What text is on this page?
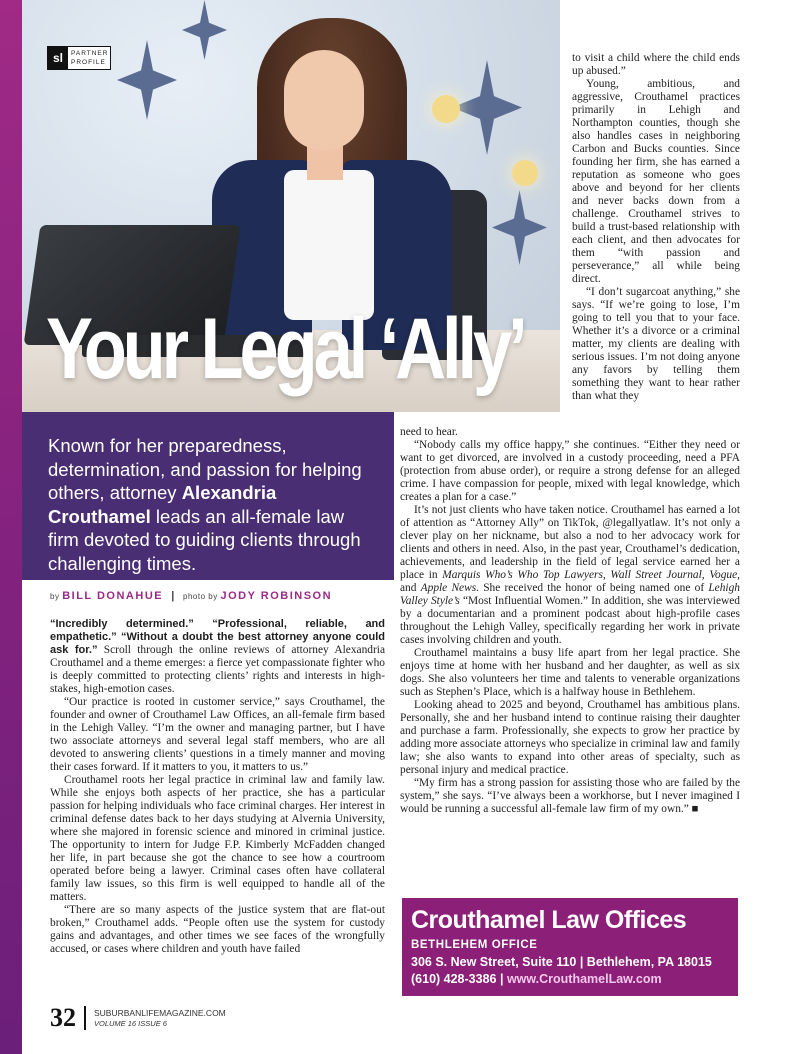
sl	PARTNER
PROFILE
Your Legal ‘Ally’
Known for her preparedness, determination, and passion for helping others, attorney Alexandria Crouthamel leads an all-female law firm devoted to guiding clients through challenging times.
by BILL DONAHUE | photo by JODY ROBINSON

“Incredibly determined.” “Professional, reliable, and empathetic.” “Without a doubt the best attorney anyone could ask for.” Scroll through the online reviews of attorney Alexandria Crouthamel and a theme emerges: a fierce yet compassionate fighter who is deeply committed to protecting clients’ rights and interests in high-stakes, high-emotion cases.

“Our practice is rooted in customer service,” says Crouthamel, the founder and owner of Crouthamel Law Offices, an all-female firm based in the Lehigh Valley. “I’m the owner and managing partner, but I have two associate attorneys and several legal staff members, who are all devoted to answering clients’ questions in a timely manner and moving their cases forward. If it matters to you, it matters to us.”

Crouthamel roots her legal practice in criminal law and family law. While she enjoys both aspects of her practice, she has a particular passion for helping individuals who face criminal charges. Her interest in criminal defense dates back to her days studying at Alvernia University, where she majored in forensic science and minored in criminal justice. The opportunity to intern for Judge F.P. Kimberly McFadden changed her life, in part because she got the chance to see how a courtroom operated before being a lawyer. Criminal cases often have collateral family law issues, so this firm is well equipped to handle all of the matters.

“There are so many aspects of the justice system that are flat-out broken,” Crouthamel adds. “People often use the system for custody gains and advantages, and other times we see faces of the wrongfully accused, or cases where children and youth have failed

to visit a child where the child ends up abused.”

Young, ambitious, and aggressive, Crouthamel practices primarily in Lehigh and Northampton counties, though she also handles cases in neighboring Carbon and Bucks counties. Since founding her firm, she has earned a reputation as someone who goes above and beyond for her clients and never backs down from a challenge. Crouthamel strives to build a trust-based relationship with each client, and then advocates for them “with passion and perseverance,” all while being direct.

“I don’t sugarcoat anything,” she says. “If we’re going to lose, I’m going to tell you that to your face. Whether it’s a divorce or a criminal matter, my clients are dealing with serious issues. I’m not doing anyone any favors by telling them something they want to hear rather than what they

need to hear.

“Nobody calls my office happy,” she continues. “Either they need or want to get divorced, are involved in a custody proceeding, need a PFA (protection from abuse order), or require a strong defense for an alleged crime. I have compassion for people, mixed with legal knowledge, which creates a plan for a case.”

It’s not just clients who have taken notice. Crouthamel has earned a lot of attention as “Attorney Ally” on TikTok, @legallyatlaw. It’s not only a clever play on her nickname, but also a nod to her advocacy work for clients and others in need. Also, in the past year, Crouthamel’s dedication, achievements, and leadership in the field of legal service earned her a place in Marquis Who’s Who Top Lawyers, Wall Street Journal, Vogue, and Apple News. She received the honor of being named one of Lehigh Valley Style’s “Most Influential Women.” In addition, she was interviewed by a documentarian and a prominent podcast about high-profile cases throughout the Lehigh Valley, specifically regarding her work in private cases involving children and youth.

Crouthamel maintains a busy life apart from her legal practice. She enjoys time at home with her husband and her daughter, as well as six dogs. She also volunteers her time and talents to venerable organizations such as Stephen’s Place, which is a halfway house in Bethlehem.

Looking ahead to 2025 and beyond, Crouthamel has ambitious plans. Personally, she and her husband intend to continue raising their daughter and purchase a farm. Professionally, she expects to grow her practice by adding more associate attorneys who specialize in criminal law and family law; she also wants to expand into other areas of specialty, such as personal injury and medical practice.

“My firm has a strong passion for assisting those who are failed by the system,” she says. “I’ve always been a workhorse, but I never imagined I would be running a successful all-female law firm of my own.” ■

Crouthamel Law Offices
BETHLEHEM OFFICE
306 S. New Street, Suite 110 | Bethlehem, PA 18015
(610) 428-3386 | www.CrouthamelLaw.com
32	SUBURBANLIFEMAGAZINE.COM
VOLUME 16 ISSUE 6
